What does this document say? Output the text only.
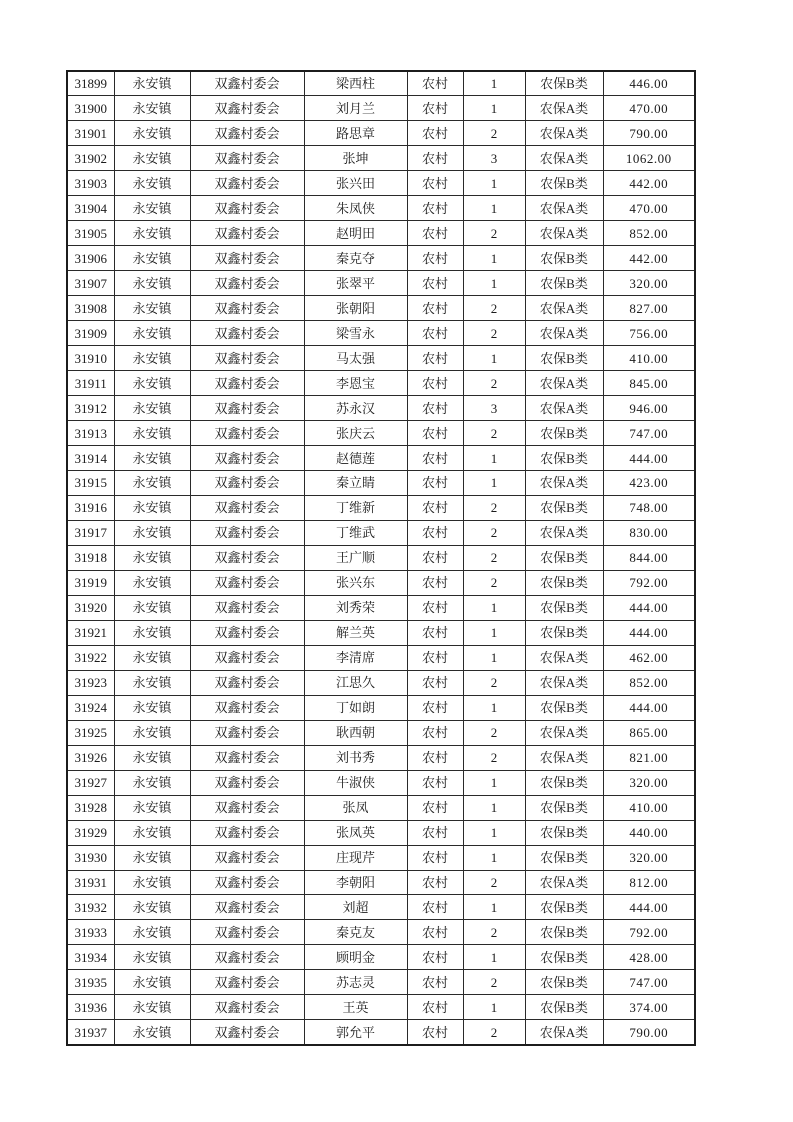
31899	永安镇	双鑫村委会	梁西柱	农村	1	农保B类	446.00
31900	永安镇	双鑫村委会	刘月兰	农村	1	农保A类	470.00
31901	永安镇	双鑫村委会	路思章	农村	2	农保A类	790.00
31902	永安镇	双鑫村委会	张坤	农村	3	农保A类	1062.00
31903	永安镇	双鑫村委会	张兴田	农村	1	农保B类	442.00
31904	永安镇	双鑫村委会	朱凤侠	农村	1	农保A类	470.00
31905	永安镇	双鑫村委会	赵明田	农村	2	农保A类	852.00
31906	永安镇	双鑫村委会	秦克夺	农村	1	农保B类	442.00
31907	永安镇	双鑫村委会	张翠平	农村	1	农保B类	320.00
31908	永安镇	双鑫村委会	张朝阳	农村	2	农保A类	827.00
31909	永安镇	双鑫村委会	梁雪永	农村	2	农保A类	756.00
31910	永安镇	双鑫村委会	马太强	农村	1	农保B类	410.00
31911	永安镇	双鑫村委会	李恩宝	农村	2	农保A类	845.00
31912	永安镇	双鑫村委会	苏永汉	农村	3	农保A类	946.00
31913	永安镇	双鑫村委会	张庆云	农村	2	农保B类	747.00
31914	永安镇	双鑫村委会	赵德莲	农村	1	农保B类	444.00
31915	永安镇	双鑫村委会	秦立睛	农村	1	农保A类	423.00
31916	永安镇	双鑫村委会	丁维新	农村	2	农保B类	748.00
31917	永安镇	双鑫村委会	丁维武	农村	2	农保A类	830.00
31918	永安镇	双鑫村委会	王广顺	农村	2	农保B类	844.00
31919	永安镇	双鑫村委会	张兴东	农村	2	农保B类	792.00
31920	永安镇	双鑫村委会	刘秀荣	农村	1	农保B类	444.00
31921	永安镇	双鑫村委会	解兰英	农村	1	农保B类	444.00
31922	永安镇	双鑫村委会	李清席	农村	1	农保A类	462.00
31923	永安镇	双鑫村委会	江思久	农村	2	农保A类	852.00
31924	永安镇	双鑫村委会	丁如朗	农村	1	农保B类	444.00
31925	永安镇	双鑫村委会	耿西朝	农村	2	农保A类	865.00
31926	永安镇	双鑫村委会	刘书秀	农村	2	农保A类	821.00
31927	永安镇	双鑫村委会	牛淑侠	农村	1	农保B类	320.00
31928	永安镇	双鑫村委会	张凤	农村	1	农保B类	410.00
31929	永安镇	双鑫村委会	张凤英	农村	1	农保B类	440.00
31930	永安镇	双鑫村委会	庄现芹	农村	1	农保B类	320.00
31931	永安镇	双鑫村委会	李朝阳	农村	2	农保A类	812.00
31932	永安镇	双鑫村委会	刘超	农村	1	农保B类	444.00
31933	永安镇	双鑫村委会	秦克友	农村	2	农保B类	792.00
31934	永安镇	双鑫村委会	顾明金	农村	1	农保B类	428.00
31935	永安镇	双鑫村委会	苏志灵	农村	2	农保B类	747.00
31936	永安镇	双鑫村委会	王英	农村	1	农保B类	374.00
31937	永安镇	双鑫村委会	郭允平	农村	2	农保A类	790.00
